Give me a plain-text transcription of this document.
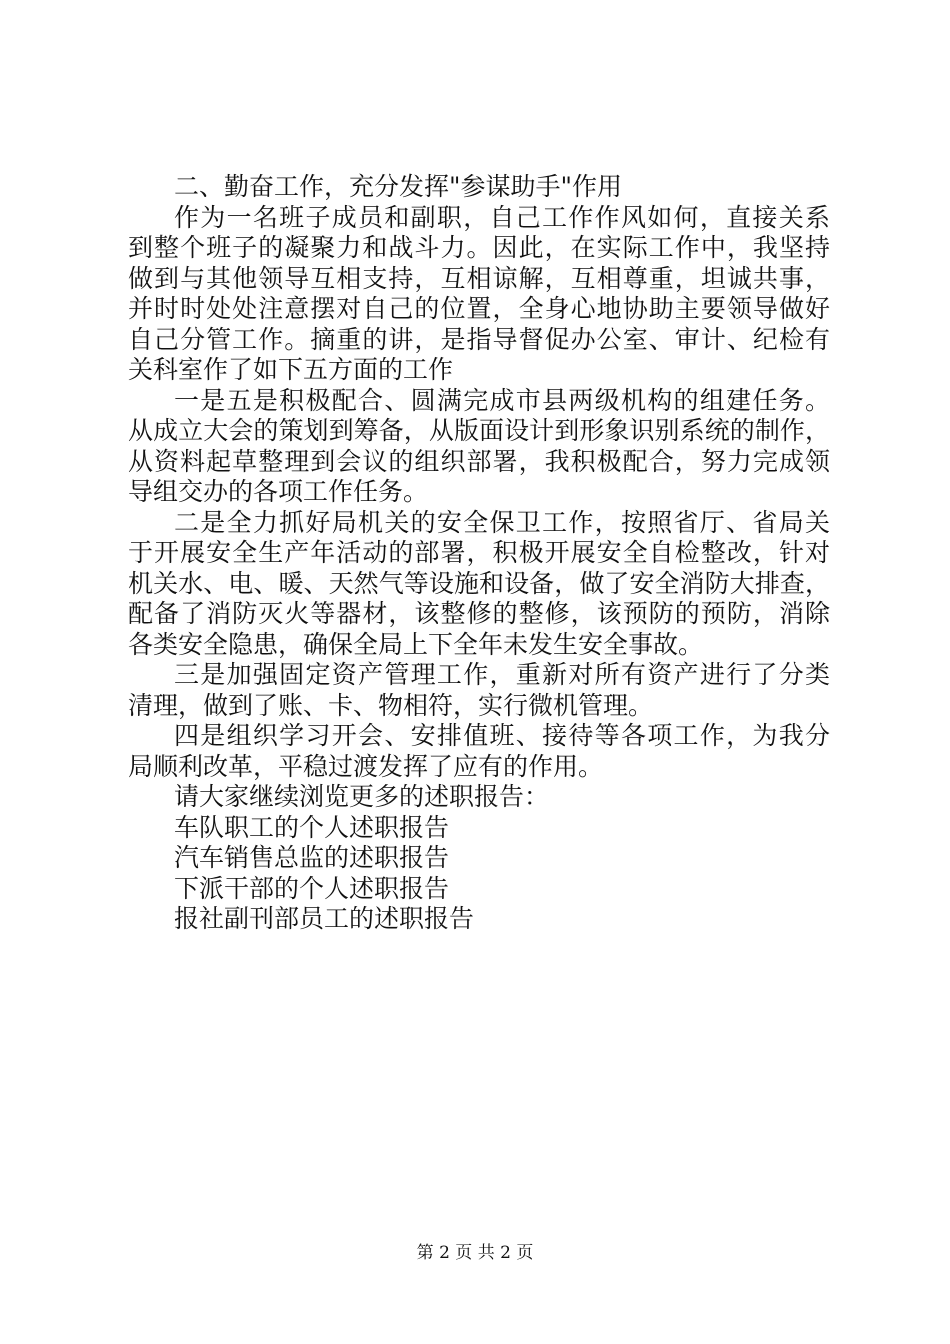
二、勤奋工作，充分发挥"参谋助手"作用
作为一名班子成员和副职，自己工作作风如何，直接关系
到整个班子的凝聚力和战斗力。因此，在实际工作中，我坚持
做到与其他领导互相支持，互相谅解，互相尊重，坦诚共事，
并时时处处注意摆对自己的位置，全身心地协助主要领导做好
自己分管工作。摘重的讲，是指导督促办公室、审计、纪检有
关科室作了如下五方面的工作
一是五是积极配合、圆满完成市县两级机构的组建任务。
从成立大会的策划到筹备，从版面设计到形象识别系统的制作，
从资料起草整理到会议的组织部署，我积极配合，努力完成领
导组交办的各项工作任务。
二是全力抓好局机关的安全保卫工作，按照省厅、省局关
于开展安全生产年活动的部署，积极开展安全自检整改，针对
机关水、电、暖、天然气等设施和设备，做了安全消防大排查，
配备了消防灭火等器材，该整修的整修，该预防的预防，消除
各类安全隐患，确保全局上下全年未发生安全事故。
三是加强固定资产管理工作，重新对所有资产进行了分类
清理，做到了账、卡、物相符，实行微机管理。
四是组织学习开会、安排值班、接待等各项工作，为我分
局顺利改革，平稳过渡发挥了应有的作用。
请大家继续浏览更多的述职报告：
车队职工的个人述职报告
汽车销售总监的述职报告
下派干部的个人述职报告
报社副刊部员工的述职报告
第 2 页 共 2 页
